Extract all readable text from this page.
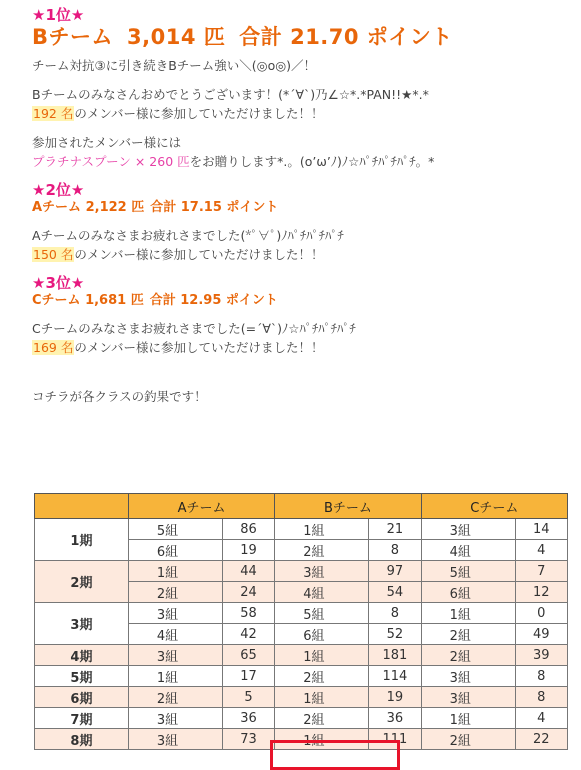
★1位★
Bチーム 3,014 匹 合計 21.70 ポイント

チーム対抗③に引き続きBチーム強い＼(◎o◎)／！

Bチームのみなさんおめでとうございます！(*´∀`)乃∠☆*.*PAN!!★*.*

192 名のメンバー様に参加していただけました！！

参加されたメンバー様には

プラチナスプーン × 260 匹をお贈りします*.。(o’ω’ﾉ)ﾉ☆ﾊﾟﾁﾊﾟﾁﾊﾟﾁ。*

★2位★
Aチーム 2,122 匹 合計 17.15 ポイント

Aチームのみなさまお疲れさまでした(*ﾟ∀ﾟ)ﾉﾊﾟﾁﾊﾟﾁﾊﾟﾁ

150 名のメンバー様に参加していただけました！！

★3位★
Cチーム 1,681 匹 合計 12.95 ポイント

Cチームのみなさまお疲れさまでした(=´∀`)ﾉ☆ﾊﾟﾁﾊﾟﾁﾊﾟﾁ

169 名のメンバー様に参加していただけました！！

コチラが各クラスの釣果です！

	Aチーム		Bチーム		Cチーム	
1期	5組	86	1組	21	3組	14
	6組	19	2組	8	4組	4
2期	1組	44	3組	97	5組	7
	2組	24	4組	54	6組	12
3期	3組	58	5組	8	1組	0
	4組	42	6組	52	2組	49
4期	3組	65	1組	181	2組	39
5期	1組	17	2組	114	3組	8
6期	2組	5	1組	19	3組	8
7期	3組	36	2組	36	1組	4
8期	3組	73	1組	111	2組	22
